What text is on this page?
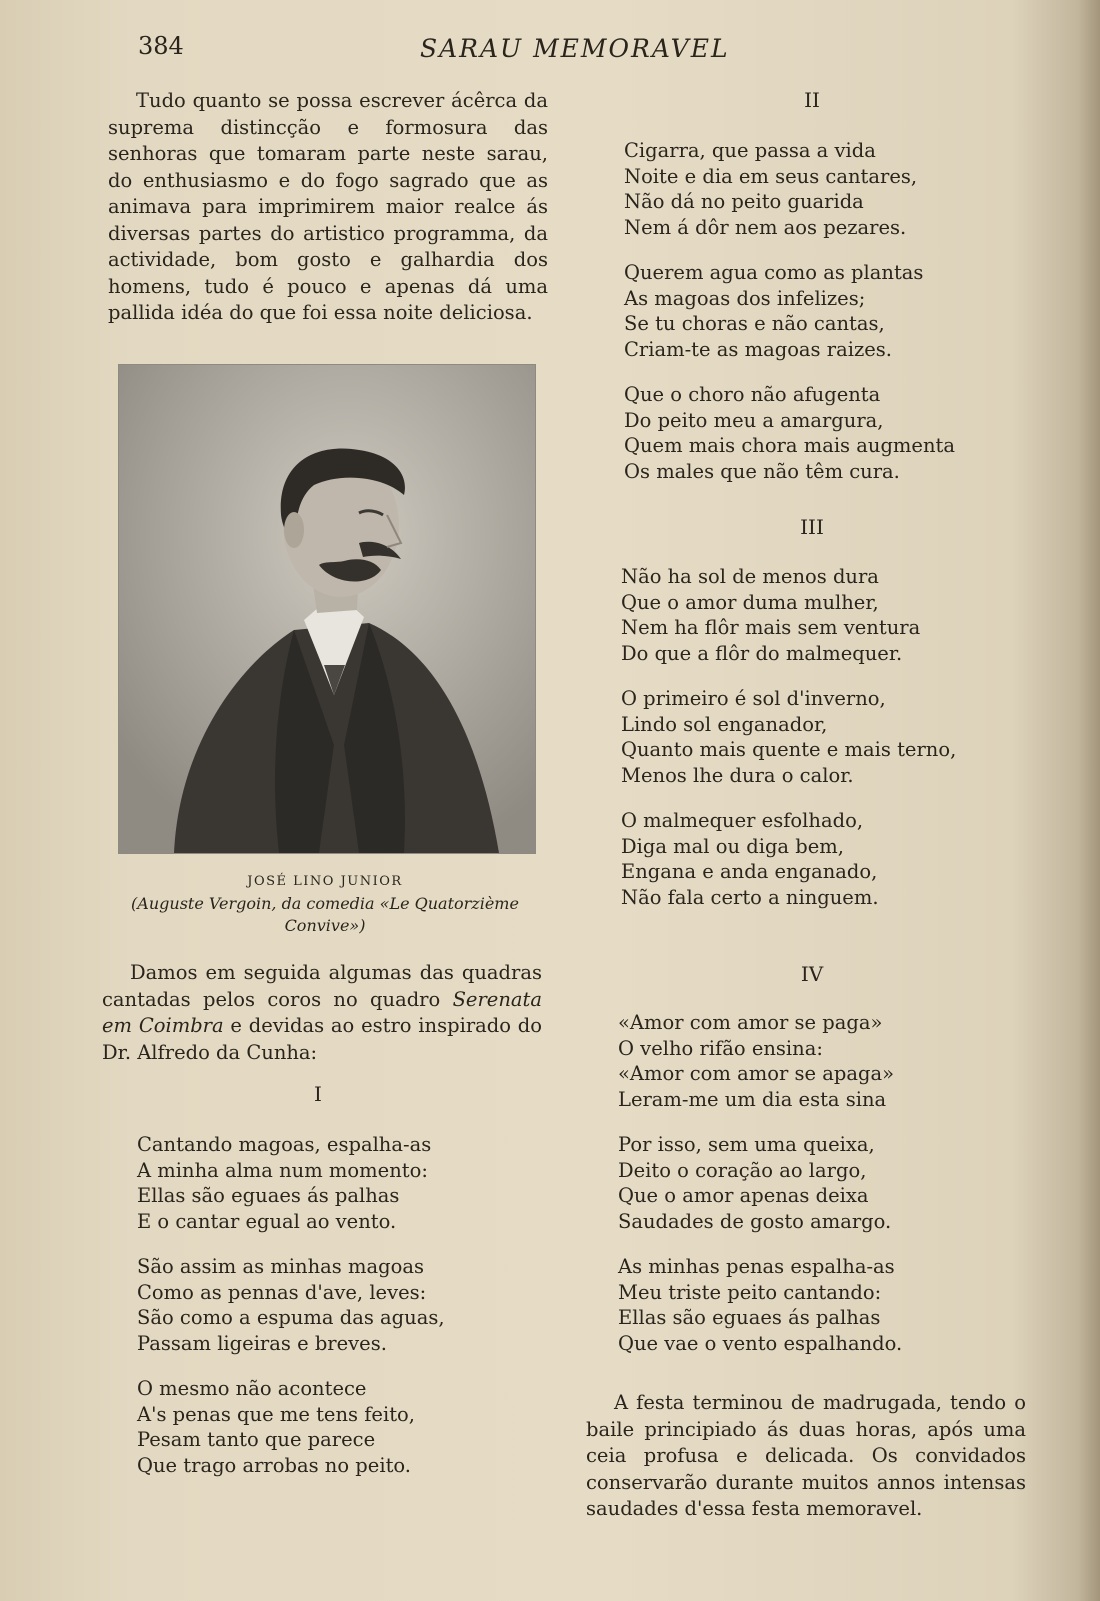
384	SARAU MEMORAVEL

Tudo quanto se possa escrever ácêrca da suprema distincção e formosura das senhoras que tomaram parte neste sarau, do enthusiasmo e do fogo sagrado que as animava para imprimirem maior realce ás diversas partes do artistico programma, da actividade, bom gosto e galhardia dos homens, tudo é pouco e apenas dá uma pallida idéa do que foi essa noite deliciosa.

JOSÉ LINO JUNIOR

(Auguste Vergoin, da comedia «Le Quatorzième Convive»)

Damos em seguida algumas das quadras cantadas pelos coros no quadro Serenata em Coimbra e devidas ao estro inspirado do Dr. Alfredo da Cunha:

I

Cantando magoas, espalha-as
A minha alma num momento:
Ellas são eguaes ás palhas
E o cantar egual ao vento.
São assim as minhas magoas
Como as pennas d'ave, leves:
São como a espuma das aguas,
Passam ligeiras e breves.
O mesmo não acontece
A's penas que me tens feito,
Pesam tanto que parece
Que trago arrobas no peito.

II

Cigarra, que passa a vida
Noite e dia em seus cantares,
Não dá no peito guarida
Nem á dôr nem aos pezares.
Querem agua como as plantas
As magoas dos infelizes;
Se tu choras e não cantas,
Criam-te as magoas raizes.
Que o choro não afugenta
Do peito meu a amargura,
Quem mais chora mais augmenta
Os males que não têm cura.

III

Não ha sol de menos dura
Que o amor duma mulher,
Nem ha flôr mais sem ventura
Do que a flôr do malmequer.
O primeiro é sol d'inverno,
Lindo sol enganador,
Quanto mais quente e mais terno,
Menos lhe dura o calor.
O malmequer esfolhado,
Diga mal ou diga bem,
Engana e anda enganado,
Não fala certo a ninguem.

IV

«Amor com amor se paga»
O velho rifão ensina:
«Amor com amor se apaga»
Leram-me um dia esta sina
Por isso, sem uma queixa,
Deito o coração ao largo,
Que o amor apenas deixa
Saudades de gosto amargo.
As minhas penas espalha-as
Meu triste peito cantando:
Ellas são eguaes ás palhas
Que vae o vento espalhando.

A festa terminou de madrugada, tendo o baile principiado ás duas horas, após uma ceia profusa e delicada. Os convidados conservarão durante muitos annos intensas saudades d'essa festa memoravel.
